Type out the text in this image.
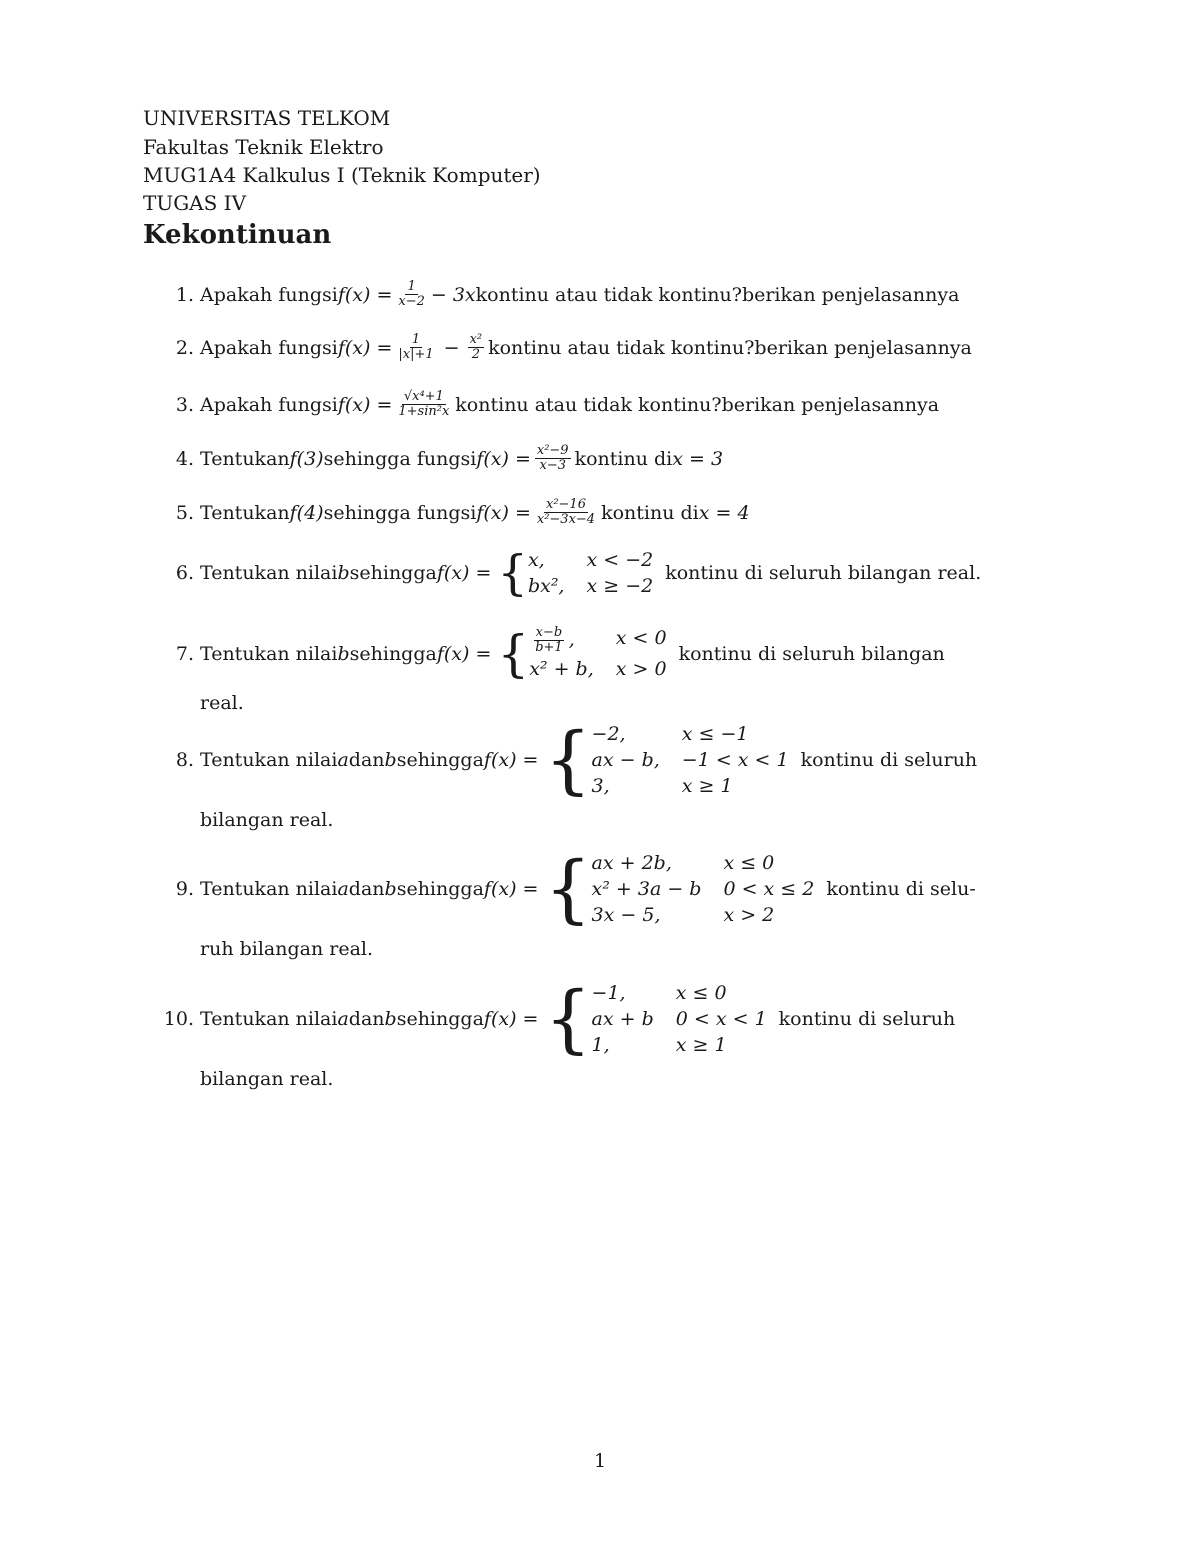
UNIVERSITAS TELKOM
Fakultas Teknik Elektro
MUG1A4 Kalkulus I (Teknik Komputer)
TUGAS IV
Kekontinuan
1. Apakah fungsi $f(x) = \frac{1}{x-2} - 3x$ kontinu atau tidak kontinu?berikan penjelasannya
2. Apakah fungsi $f(x) = \frac{1}{|x|+1} - \frac{\text{x²}}{2}$ kontinu atau tidak kontinu?berikan penjelasannya
3. Apakah fungsi $f(x) = \frac{\text{√x⁴+1}}{\text{1+sin²x}}$ kontinu atau tidak kontinu?berikan penjelasannya
4. Tentukan f(3) sehingga fungsi $f(x) = \frac{\text{x²−9}}{x-3}$ kontinu di x = 3
5. Tentukan f(4) sehingga fungsi $f(x) = \frac{\text{x²−16}}{\text{x²−3x−4}}$ kontinu di x = 4
6. Tentukan nilai b sehingga f(x) = { x,	x < −2
bx², x ≥ −2
kontinu di seluruh bilangan real.
7. Tentukan nilai b sehingga f(x) = { $\frac{x-b}{b+1}$ ,	x < 0
x² + b, x > 0
kontinu di seluruh bilangan
real.
8. Tentukan nilai a dan b sehingga f(x) = { −2,	x ≤ −1
ax − b, −1 < x < 1
3,	x ≥ 1
kontinu di seluruh
bilangan real.
9. Tentukan nilai a dan b sehingga f(x) = { ax + 2b,	x ≤ 0
x² + 3a − b 0 < x ≤ 2
3x − 5,	x > 2
kontinu di selu-
ruh bilangan real.
10. Tentukan nilai a dan b sehingga f(x) = { −1,	x ≤ 0
ax + b 0 < x < 1
1,	x ≥ 1
kontinu di seluruh
bilangan real.
1
